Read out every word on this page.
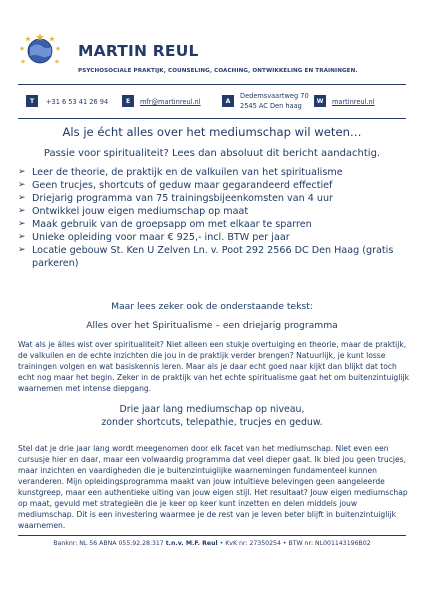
MARTIN REUL
PSYCHOSOCIALE PRAKTIJK, COUNSELING, COACHING, ONTWIKKELING EN TRAININGEN.
T	+31 6 53 41 26 94	E	mfr@martinreul.nl	A
Dedemsvaartweg 70
2545 AC Den haag
W	martinreul.nl
Als je écht alles over het mediumschap wil weten…
Passie voor spiritualiteit? Lees dan absoluut dit bericht aandachtig.
➢ Leer de theorie, de praktijk en de valkuilen van het spiritualisme
➢ Geen trucjes, shortcuts of geduw maar gegarandeerd effectief
➢ Driejarig programma van 75 trainingsbijeenkomsten van 4 uur
➢ Ontwikkel jouw eigen mediumschap op maat
➢ Maak gebruik van de groepsapp om met elkaar te sparren
➢ Unieke opleiding voor maar € 925,- incl. BTW per jaar
➢ Locatie gebouw St. Ken U Zelven Ln. v. Poot 292 2566 DC Den Haag (gratis parkeren)
Maar lees zeker ook de onderstaande tekst:
Alles over het Spiritualisme – een driejarig programma

Wat als je álles wist over spiritualiteit? Niet alleen een stukje overtuiging en theorie, maar de praktijk, de valkuilen en de echte inzichten die jou in de praktijk verder brengen? Natuurlijk, je kunt losse trainingen volgen en wat basiskennis leren. Maar als je daar echt goed naar kijkt dan blijkt dat toch echt nog maar het begin. Zeker in de praktijk van het echte spiritualisme gaat het om buitenzintuiglijk waarnemen met intense diepgang.

Drie jaar lang mediumschap op niveau,
zonder shortcuts, telepathie, trucjes en geduw.

Stel dat je drie jaar lang wordt meegenomen door elk facet van het mediumschap. Niet even een cursusje hier en daar, maar een volwaardig programma dat veel dieper gaat. Ik bied jou geen trucjes, maar inzichten en vaardigheden die je buitenzintuiglijke waarnemingen fundamenteel kunnen veranderen. Mijn opleidingsprogramma maakt van jouw intuïtieve belevingen geen aangeleerde kunstgreep, maar een authentieke uiting van jouw eigen stijl. Het resultaat? Jouw eigen mediumschap op maat, gevuld met strategieën die je keer op keer kunt inzetten en delen middels jouw mediumschap. Dit is een investering waarmee je de rest van je leven beter blijft in buitenzintuiglijk waarnemen.

Banknr: NL 56 ABNA 055.92.28.317 t.n.v. M.F. Reul • KvK nr: 27350254 • BTW nr: NL001143196B02
